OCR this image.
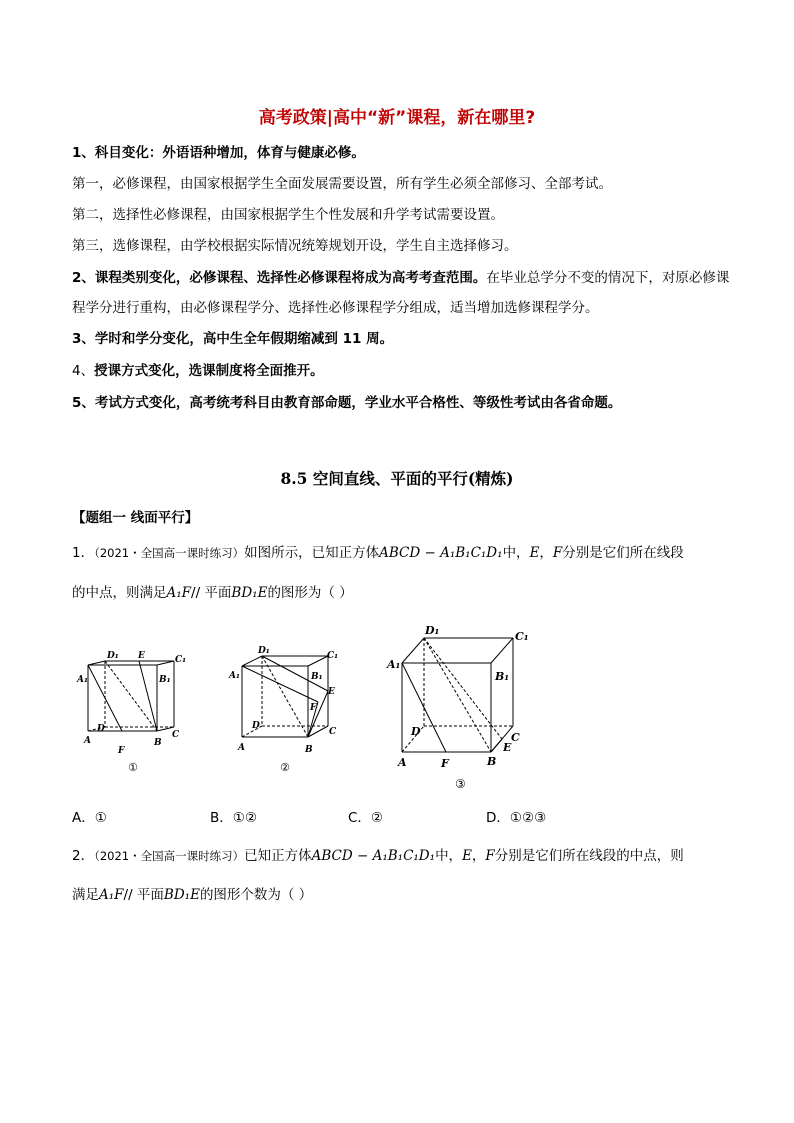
高考政策|高中“新”课程，新在哪里?
1、科目变化：外语语种增加，体育与健康必修。
第一，必修课程，由国家根据学生全面发展需要设置，所有学生必须全部修习、全部考试。
第二，选择性必修课程，由国家根据学生个性发展和升学考试需要设置。
第三，选修课程，由学校根据实际情况统筹规划开设，学生自主选择修习。
2、课程类别变化，必修课程、选择性必修课程将成为高考考查范围。在毕业总学分不变的情况下，对原必修课程学分进行重构，由必修课程学分、选择性必修课程学分组成，适当增加选修课程学分。
3、学时和学分变化，高中生全年假期缩减到 11 周。
4、授课方式变化，选课制度将全面推开。
5、考试方式变化，高考统考科目由教育部命题，学业水平合格性、等级性考试由各省命题。
8.5 空间直线、平面的平行(精炼)
【题组一 线面平行】
1．（2021・全国高一课时练习）如图所示，已知正方体ABCD − A₁B₁C₁D₁中，E，F分别是它们所在线段
的中点，则满足A₁F// 平面BD₁E的图形为（ ）
D₁ E	C₁
A₁	B₁
D
C
A
F
B
①
D₁	C₁
A₁	B₁
E
F
D
C
A	B
②
D₁	C₁
A₁
B₁
D	C
E
A	F	B
③
A．①	B．①②	C．②	D．①②③
2．（2021・全国高一课时练习）已知正方体ABCD − A₁B₁C₁D₁中，E，F分别是它们所在线段的中点，则
满足A₁F// 平面BD₁E的图形个数为（ ）
